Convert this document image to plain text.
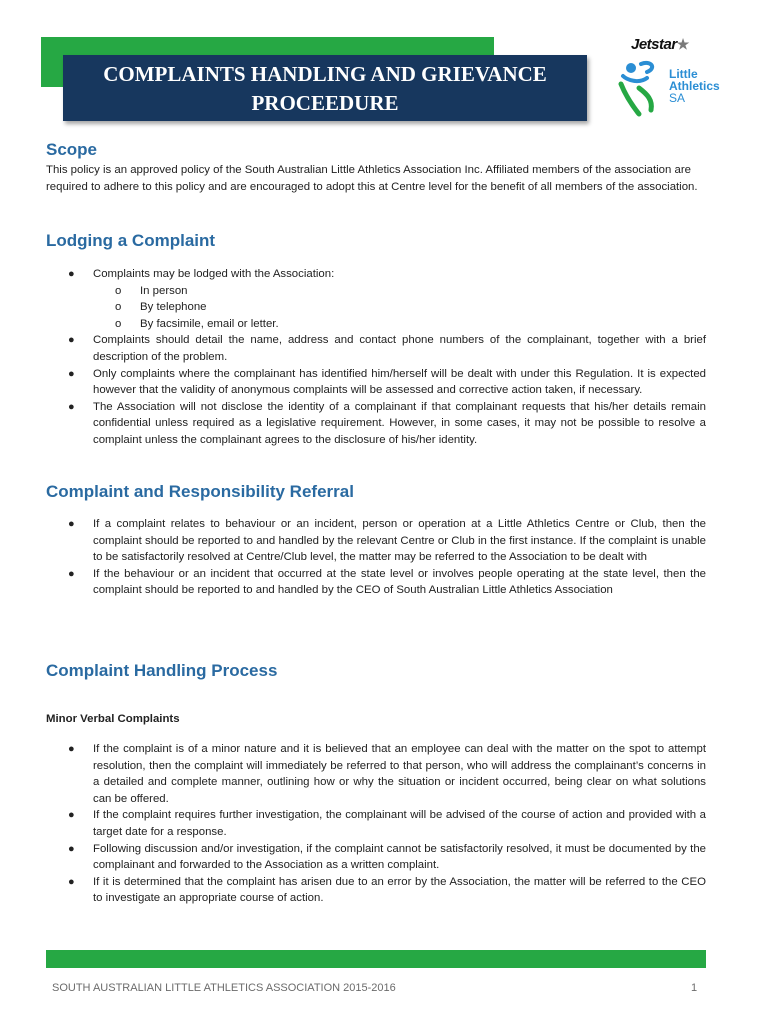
COMPLAINTS HANDLING AND GRIEVANCE
PROCEEDURE
Jetstar★
Little
Athletics
SA
Scope

This policy is an approved policy of the South Australian Little Athletics Association Inc. Affiliated members of the association are required to adhere to this policy and are encouraged to adopt this at Centre level for the benefit of all members of the association.

Lodging a Complaint
● Complaints may be lodged with the Association:
o In person
o By telephone
o By facsimile, email or letter.
● Complaints should detail the name, address and contact phone numbers of the complainant, together with a brief description of the problem.
● Only complaints where the complainant has identified him/herself will be dealt with under this Regulation. It is expected however that the validity of anonymous complaints will be assessed and corrective action taken, if necessary.
● The Association will not disclose the identity of a complainant if that complainant requests that his/her details remain confidential unless required as a legislative requirement. However, in some cases, it may not be possible to resolve a complaint unless the complainant agrees to the disclosure of his/her identity.
Complaint and Responsibility Referral
● If a complaint relates to behaviour or an incident, person or operation at a Little Athletics Centre or Club, then the complaint should be reported to and handled by the relevant Centre or Club in the first instance. If the complaint is unable to be satisfactorily resolved at Centre/Club level, the matter may be referred to the Association to be dealt with
● If the behaviour or an incident that occurred at the state level or involves people operating at the state level, then the complaint should be reported to and handled by the CEO of South Australian Little Athletics Association
Complaint Handling Process

Minor Verbal Complaints

● If the complaint is of a minor nature and it is believed that an employee can deal with the matter on the spot to attempt resolution, then the complaint will immediately be referred to that person, who will address the complainant’s concerns in a detailed and complete manner, outlining how or why the situation or incident occurred, being clear on what solutions can be offered.
● If the complaint requires further investigation, the complainant will be advised of the course of action and provided with a target date for a response.
● Following discussion and/or investigation, if the complaint cannot be satisfactorily resolved, it must be documented by the complainant and forwarded to the Association as a written complaint.
● If it is determined that the complaint has arisen due to an error by the Association, the matter will be referred to the CEO to investigate an appropriate course of action.
SOUTH AUSTRALIAN LITTLE ATHLETICS ASSOCIATION 2015-2016	1
